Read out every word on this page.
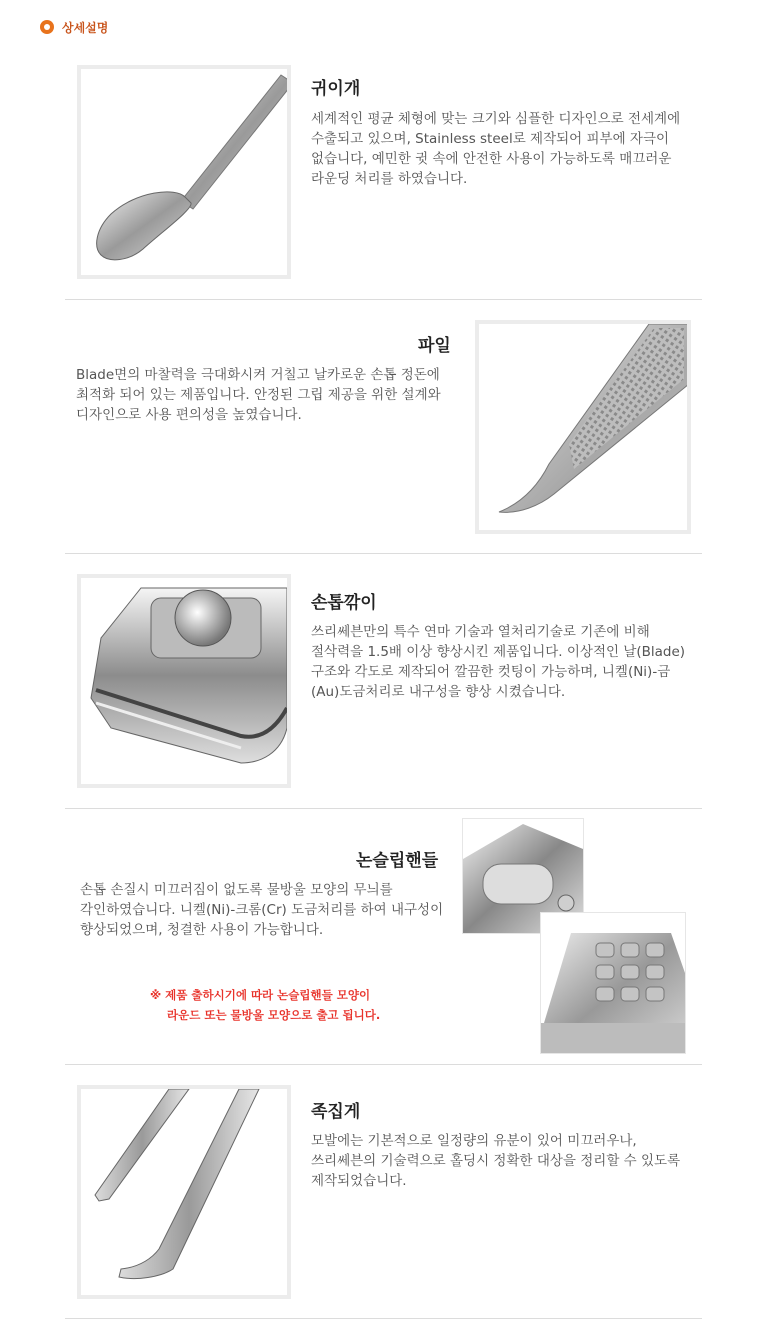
상세설명
귀이개
세계적인 평균 체형에 맞는 크기와 심플한 디자인으로 전세계에 수출되고 있으며, Stainless steel로 제작되어 피부에 자극이 없습니다, 예민한 귓 속에 안전한 사용이 가능하도록 매끄러운 라운딩 처리를 하였습니다.
파일
Blade면의 마찰력을 극대화시켜 거칠고 날카로운 손톱 정돈에 최적화 되어 있는 제품입니다. 안정된 그립 제공을 위한 설계와 디자인으로 사용 편의성을 높였습니다.
손톱깎이
쓰리쎄븐만의 특수 연마 기술과 열처리기술로 기존에 비해 절삭력을 1.5배 이상 향상시킨 제품입니다. 이상적인 날(Blade)구조와 각도로 제작되어 깔끔한 컷팅이 가능하며, 니켈(Ni)-금(Au)도금처리로 내구성을 향상 시켰습니다.
논슬립핸들
손톱 손질시 미끄러짐이 없도록 물방울 모양의 무늬를 각인하였습니다. 니켈(Ni)-크롬(Cr) 도금처리를 하여 내구성이 향상되었으며, 청결한 사용이 가능합니다.
※ 제품 출하시기에 따라 논슬립핸들 모양이
라운드 또는 물방울 모양으로 출고 됩니다.
족집게
모발에는 기본적으로 일정량의 유분이 있어 미끄러우나, 쓰리쎄븐의 기술력으로 홀딩시 정확한 대상을 정리할 수 있도록 제작되었습니다.
